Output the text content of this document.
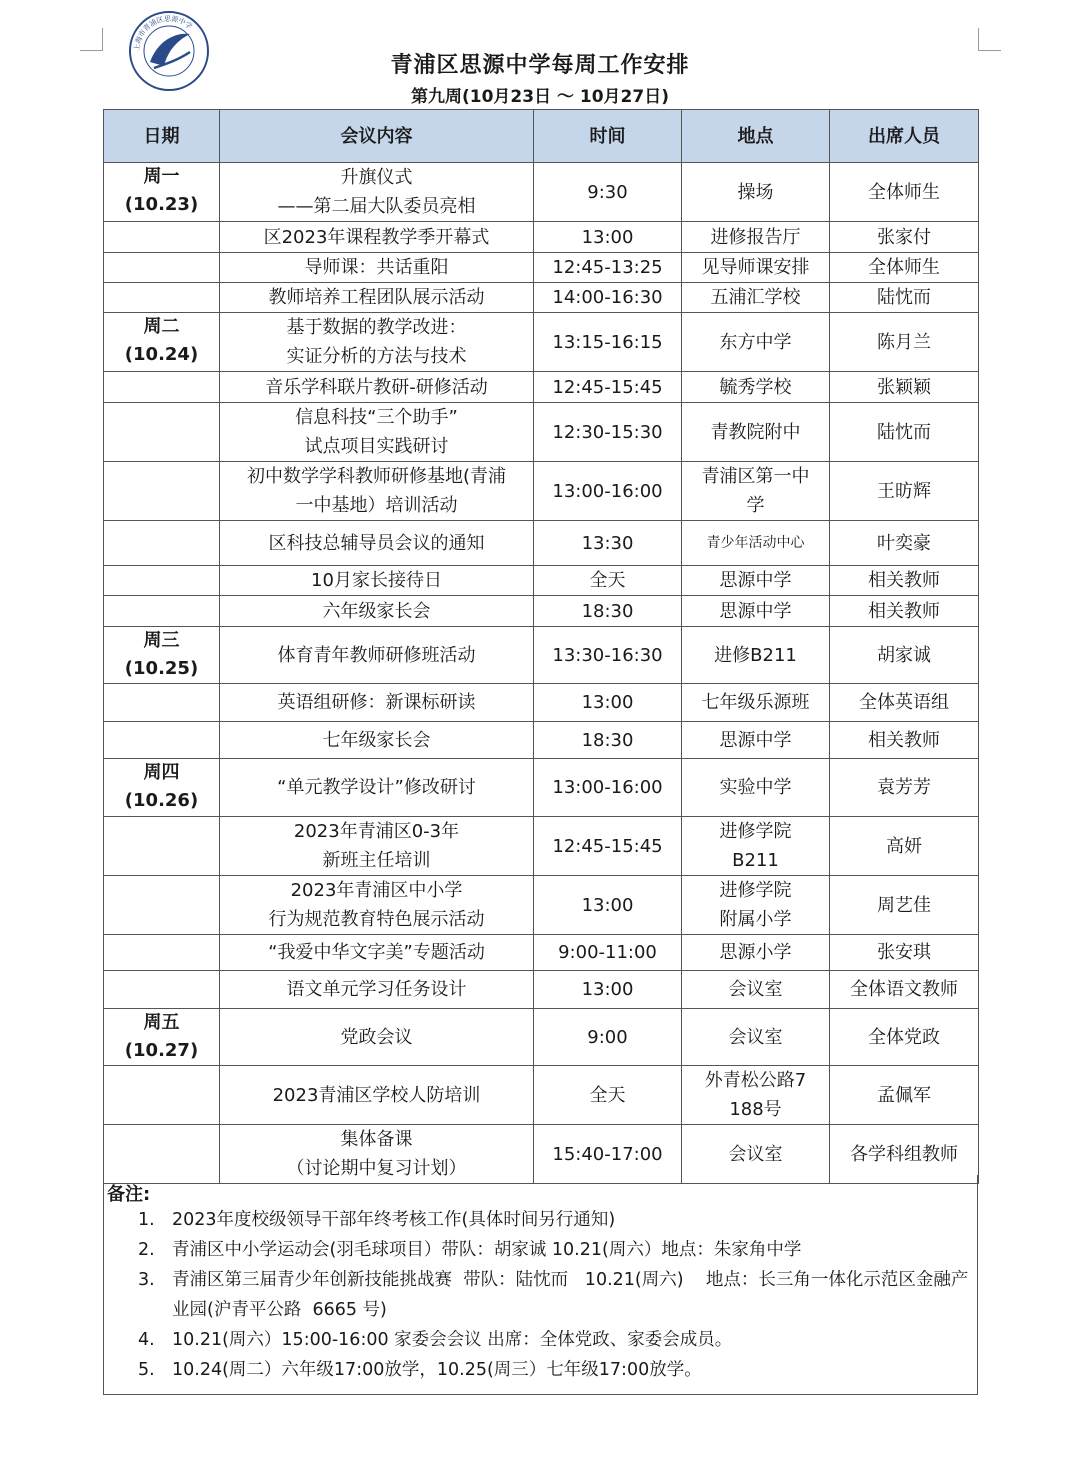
上海市青浦区思源中学
青浦区思源中学每周工作安排
第九周(10月23日 ～ 10月27日)
日期	会议内容	时间	地点	出席人员

周一
(10.23)	升旗仪式
——第二届大队委员亮相	9:30	操场	全体师生

	区2023年课程教学季开幕式	13:00	进修报告厅	张家付

	导师课：共话重阳	12:45-13:25	见导师课安排	全体师生

	教师培养工程团队展示活动	14:00-16:30	五浦汇学校	陆忱而

周二
(10.24)	基于数据的教学改进：
实证分析的方法与技术	13:15-16:15	东方中学	陈月兰

	音乐学科联片教研-研修活动	12:45-15:45	毓秀学校	张颖颖

	信息科技“三个助手”
试点项目实践研讨	12:30-15:30	青教院附中	陆忱而

	初中数学学科教师研修基地(青浦
一中基地）培训活动	13:00-16:00	青浦区第一中
学	王昉辉

	区科技总辅导员会议的通知	13:30	青少年活动中心	叶奕豪

	10月家长接待日	全天	思源中学	相关教师

	六年级家长会	18:30	思源中学	相关教师

周三
(10.25)	体育青年教师研修班活动	13:30-16:30	进修B211	胡家诚

	英语组研修：新课标研读	13:00	七年级乐源班	全体英语组

	七年级家长会	18:30	思源中学	相关教师

周四
(10.26)	“单元教学设计”修改研讨	13:00-16:00	实验中学	袁芳芳

	2023年青浦区0-3年
新班主任培训	12:45-15:45	进修学院
B211	高妍

	2023年青浦区中小学
行为规范教育特色展示活动	13:00	进修学院
附属小学	周艺佳

	“我爱中华文字美”专题活动	9:00-11:00	思源小学	张安琪

	语文单元学习任务设计	13:00	会议室	全体语文教师

周五
(10.27)	党政会议	9:00	会议室	全体党政

	2023青浦区学校人防培训	全天	外青松公路7
188号	孟佩军

	集体备课
（讨论期中复习计划）	15:40-17:00	会议室	各学科组教师
备注:
1. 2023年度校级领导干部年终考核工作(具体时间另行通知)
2. 青浦区中小学运动会(羽毛球项目）带队：胡家诚 10.21(周六）地点：朱家角中学
3. 青浦区第三届青少年创新技能挑战赛  带队：陆忱而   10.21(周六)    地点：长三角一体化示范区金融产业园(沪青平公路  6665 号)
4. 10.21(周六）15:00-16:00 家委会会议 出席：全体党政、家委会成员。
5. 10.24(周二）六年级17:00放学，10.25(周三）七年级17:00放学。
